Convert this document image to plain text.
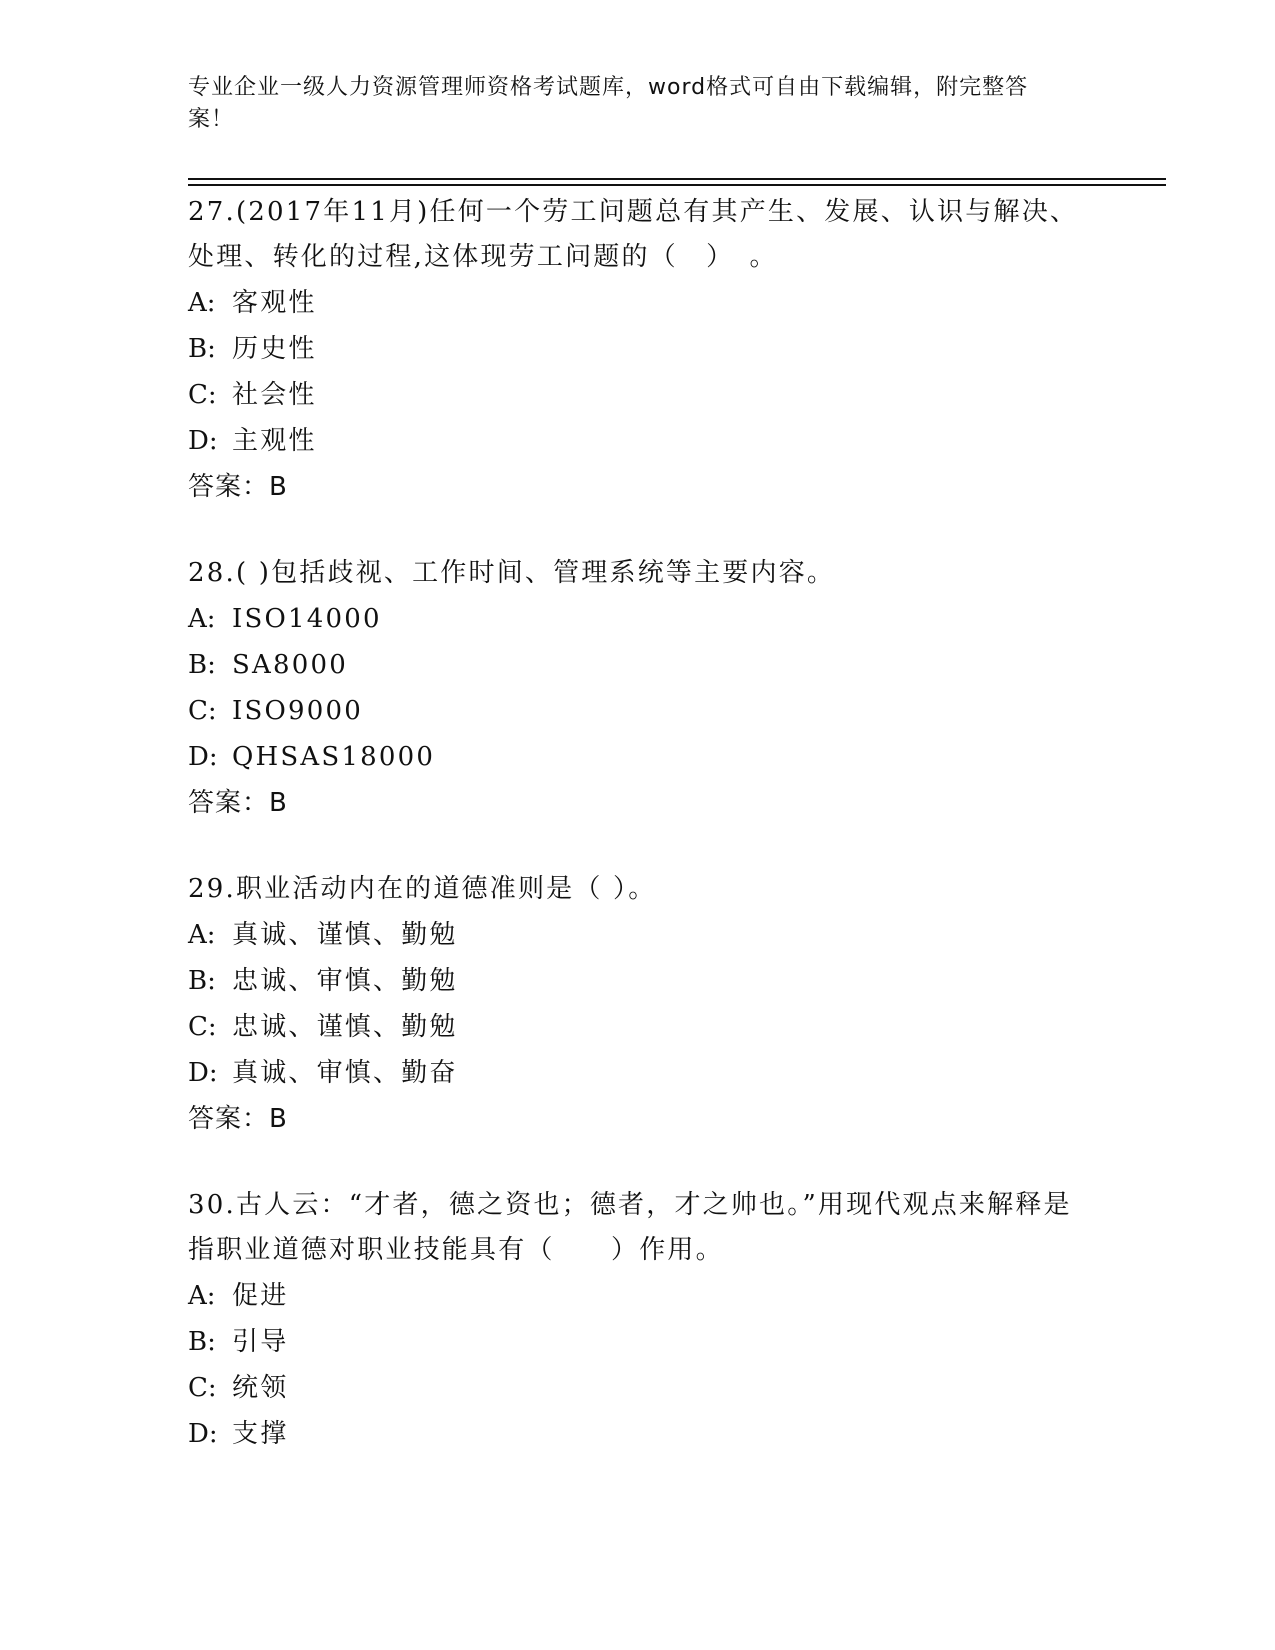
专业企业一级人力资源管理师资格考试题库，word格式可自由下载编辑，附完整答案！
27.(2017年11月)任何一个劳工问题总有其产生、发展、认识与解决、处理、转化的过程,这体现劳工问题的（　）　。
A: 客观性
B: 历史性
C: 社会性
D: 主观性
答案：B
28.( )包括歧视、工作时间、管理系统等主要内容。
A: ISO14000
B: SA8000
C: ISO9000
D: QHSAS18000
答案：B
29.职业活动内在的道德准则是（ ）。
A: 真诚、谨慎、勤勉
B: 忠诚、审慎、勤勉
C: 忠诚、谨慎、勤勉
D: 真诚、审慎、勤奋
答案：B
30.古人云：“才者，德之资也；德者，才之帅也。”用现代观点来解释是指职业道德对职业技能具有（　　）作用。
A: 促进
B: 引导
C: 统领
D: 支撑
